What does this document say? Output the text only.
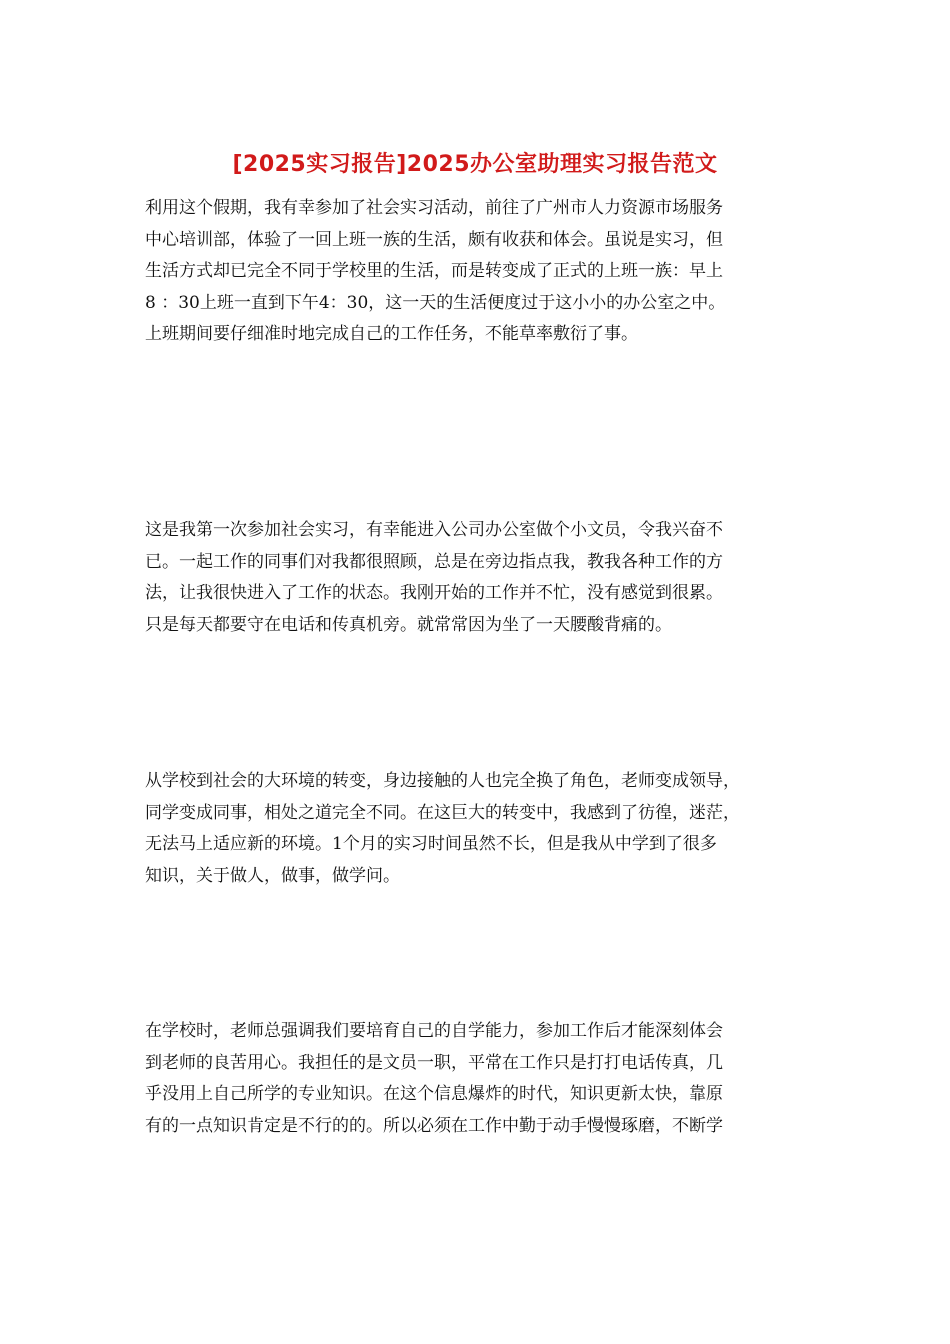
[2025实习报告]2025办公室助理实习报告范文
利用这个假期，我有幸参加了社会实习活动，前往了广州市人力资源市场服务
中心培训部，体验了一回上班一族的生活，颇有收获和体会。虽说是实习，但
生活方式却已完全不同于学校里的生活，而是转变成了正式的上班一族：早上
8 ：30上班一直到下午4：30，这一天的生活便度过于这小小的办公室之中。
上班期间要仔细准时地完成自己的工作任务，不能草率敷衍了事。
这是我第一次参加社会实习，有幸能进入公司办公室做个小文员，令我兴奋不
已。一起工作的同事们对我都很照顾，总是在旁边指点我，教我各种工作的方
法，让我很快进入了工作的状态。我刚开始的工作并不忙，没有感觉到很累。
只是每天都要守在电话和传真机旁。就常常因为坐了一天腰酸背痛的。
从学校到社会的大环境的转变，身边接触的人也完全换了角色，老师变成领导，
同学变成同事，相处之道完全不同。在这巨大的转变中，我感到了彷徨，迷茫，
无法马上适应新的环境。1个月的实习时间虽然不长，但是我从中学到了很多
知识，关于做人，做事，做学问。
在学校时，老师总强调我们要培育自己的自学能力，参加工作后才能深刻体会
到老师的良苦用心。我担任的是文员一职，平常在工作只是打打电话传真，几
乎没用上自己所学的专业知识。在这个信息爆炸的时代，知识更新太快，靠原
有的一点知识肯定是不行的的。所以必须在工作中勤于动手慢慢琢磨，不断学
